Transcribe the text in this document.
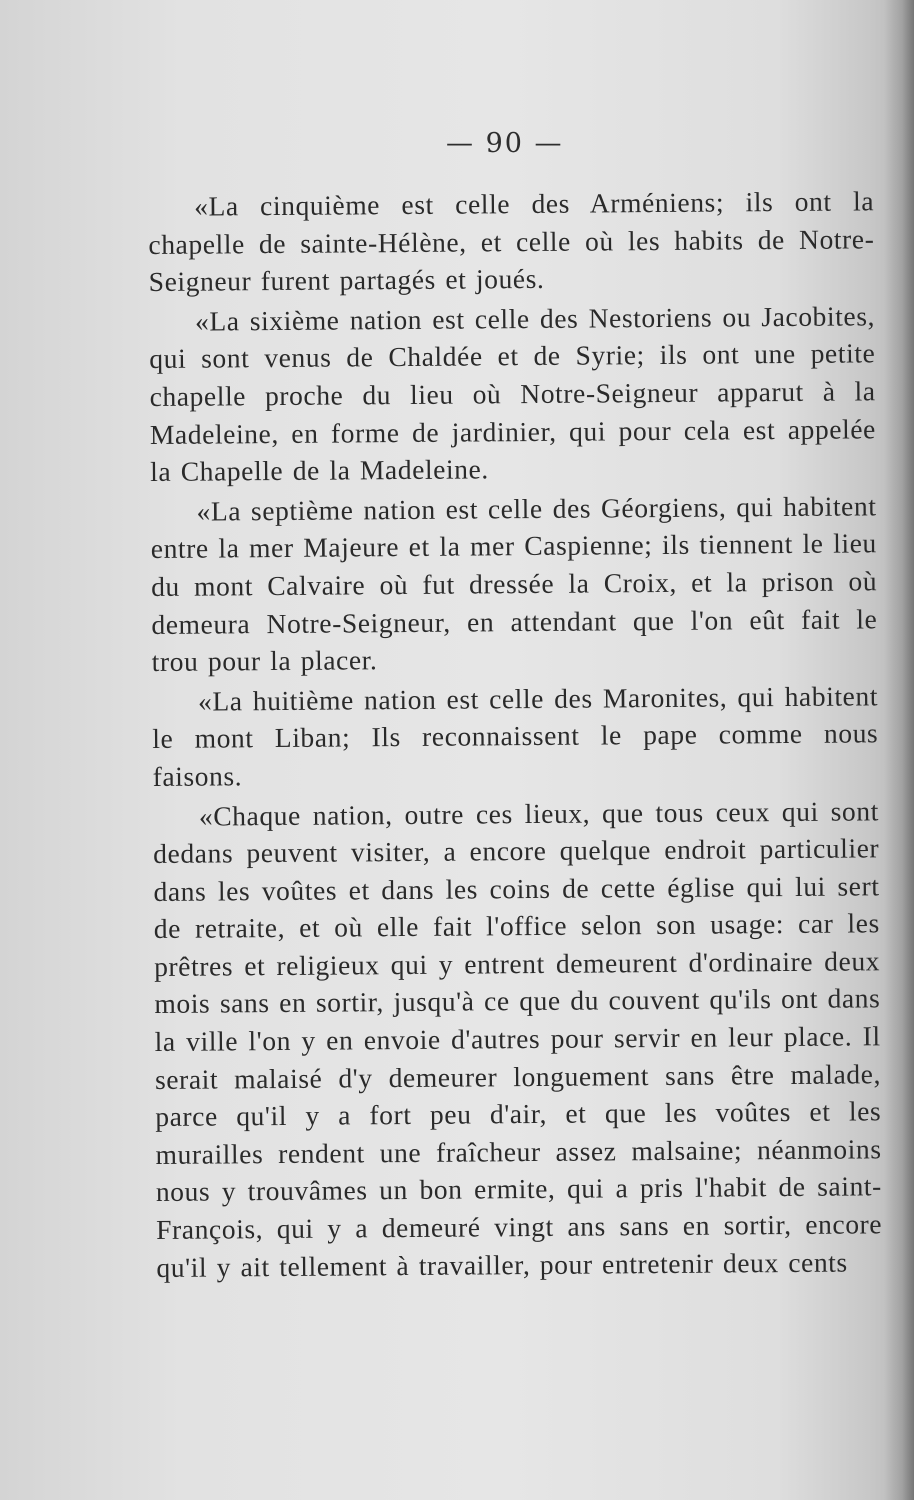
— 90 —

«La cinquième est celle des Arméniens; ils ont la chapelle de sainte-Hélène, et celle où les habits de Notre-Seigneur furent partagés et joués.

«La sixième nation est celle des Nestoriens ou Jacobites, qui sont venus de Chaldée et de Syrie; ils ont une petite chapelle proche du lieu où Notre-Seigneur apparut à la Madeleine, en forme de jardinier, qui pour cela est appelée la Chapelle de la Madeleine.

«La septième nation est celle des Géorgiens, qui habitent entre la mer Majeure et la mer Caspienne; ils tiennent le lieu du mont Calvaire où fut dressée la Croix, et la prison où demeura Notre-Seigneur, en attendant que l'on eût fait le trou pour la placer.

«La huitième nation est celle des Maronites, qui habitent le mont Liban; Ils reconnaissent le pape comme nous faisons.

«Chaque nation, outre ces lieux, que tous ceux qui sont dedans peuvent visiter, a encore quelque endroit particulier dans les voûtes et dans les coins de cette église qui lui sert de retraite, et où elle fait l'office selon son usage: car les prêtres et religieux qui y entrent demeurent d'ordinaire deux mois sans en sortir, jusqu'à ce que du couvent qu'ils ont dans la ville l'on y en envoie d'autres pour servir en leur place. Il serait malaisé d'y demeurer longuement sans être malade, parce qu'il y a fort peu d'air, et que les voûtes et les murailles rendent une fraîcheur assez malsaine; néanmoins nous y trouvâmes un bon ermite, qui a pris l'habit de saint-François, qui y a demeuré vingt ans sans en sortir, encore qu'il y ait tellement à travailler, pour entretenir deux cents
